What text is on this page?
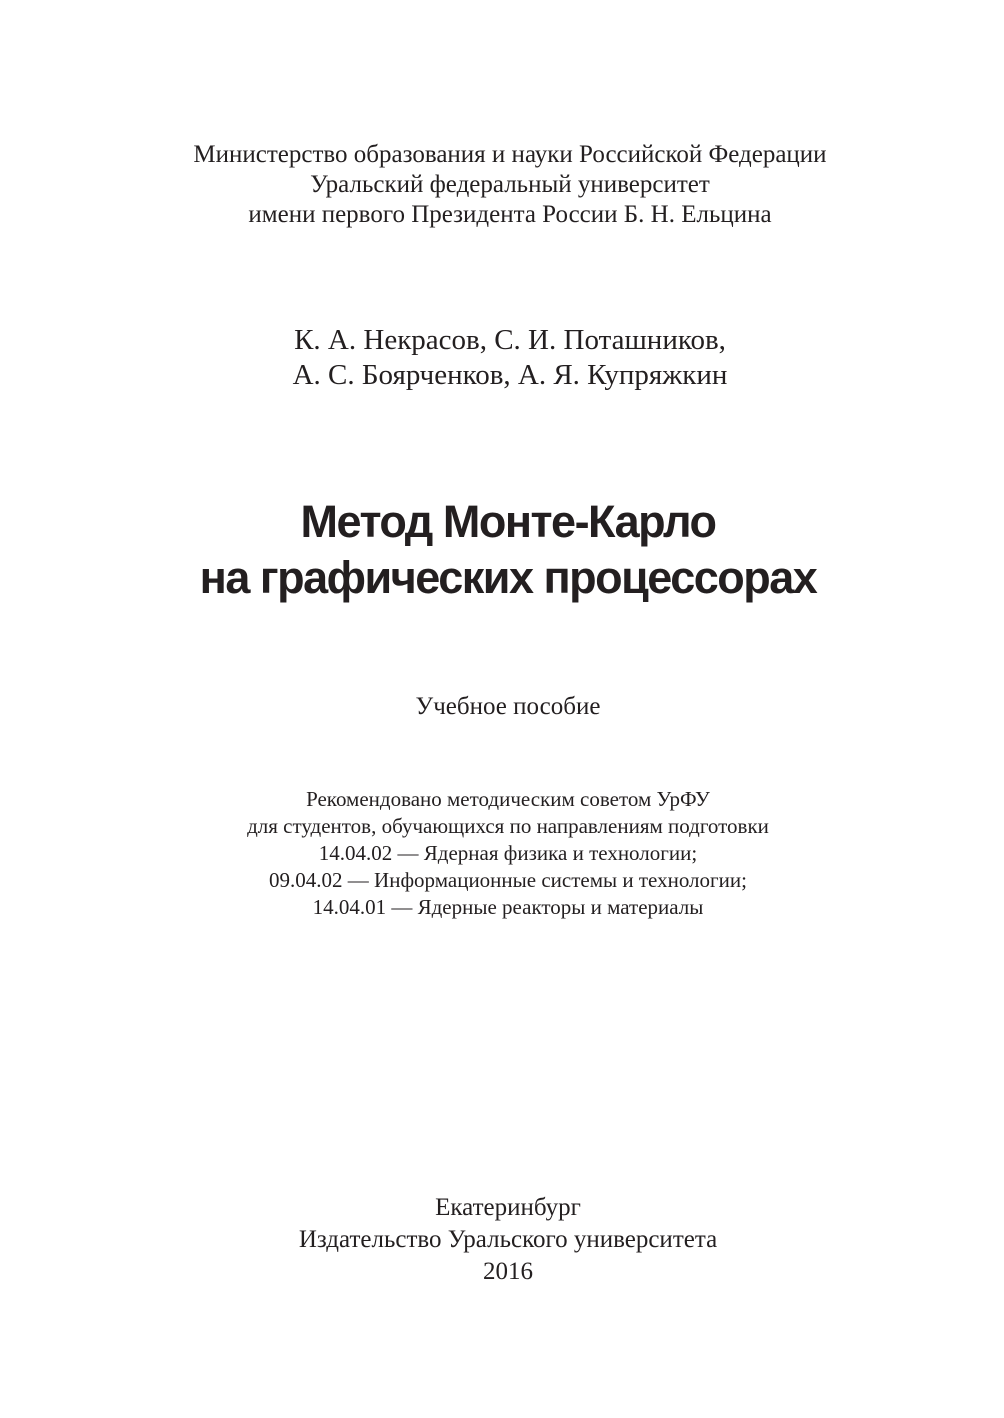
Министерство образования и науки Российской Федерации
Уральский федеральный университет
имени первого Президента России Б. Н. Ельцина
К. А. Некрасов, С. И. Поташников,
А. С. Боярченков, А. Я. Купряжкин
Метод Монте-Карло
на графических процессорах
Учебное пособие
Рекомендовано методическим советом УрФУ
для студентов, обучающихся по направлениям подготовки
14.04.02 — Ядерная физика и технологии;
09.04.02 — Информационные системы и технологии;
14.04.01 — Ядерные реакторы и материалы
Екатеринбург
Издательство Уральского университета
2016
